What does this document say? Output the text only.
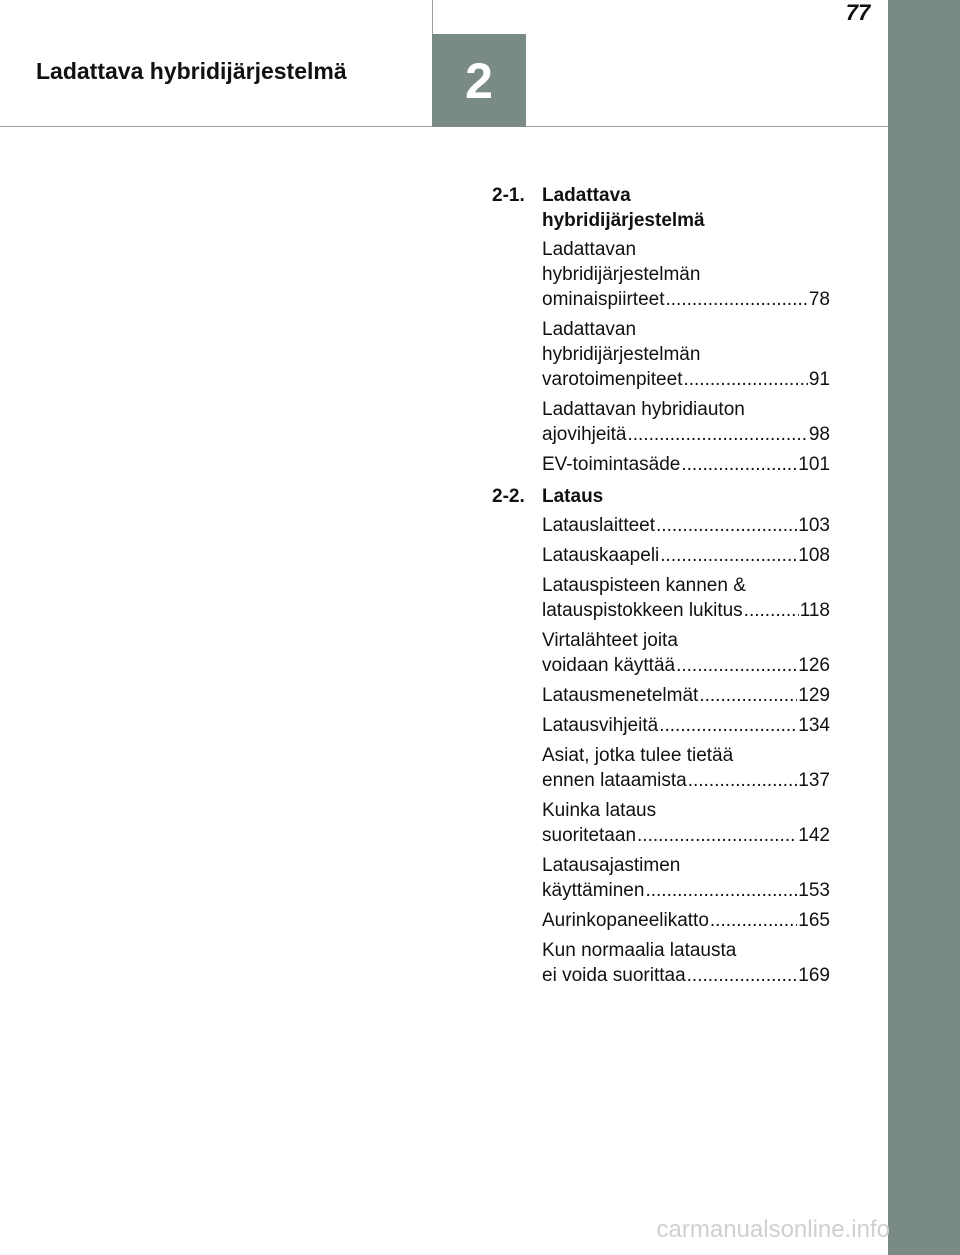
77
Ladattava hybridijärjestelmä	2
2-1. Ladattava
hybridijärjestelmä
Ladattavan
hybridijärjestelmän
ominaispiirteet .....	78
Ladattavan
hybridijärjestelmän
varotoimenpiteet .....	91
Ladattavan hybridiauton
ajovihjeitä .....	98
EV-toimintasäde .....	101
2-2. Lataus
Latauslaitteet .....	103
Latauskaapeli .....	108
Latauspisteen kannen &
latauspistokkeen lukitus .....	118
Virtalähteet joita
voidaan käyttää .....	126
Latausmenetelmät .....	129
Latausvihjeitä .....	134
Asiat, jotka tulee tietää
ennen lataamista .....	137
Kuinka lataus
suoritetaan .....	142
Latausajastimen
käyttäminen .....	153
Aurinkopaneelikatto .....	165
Kun normaalia latausta
ei voida suorittaa .....	169
carmanualsonline.info
